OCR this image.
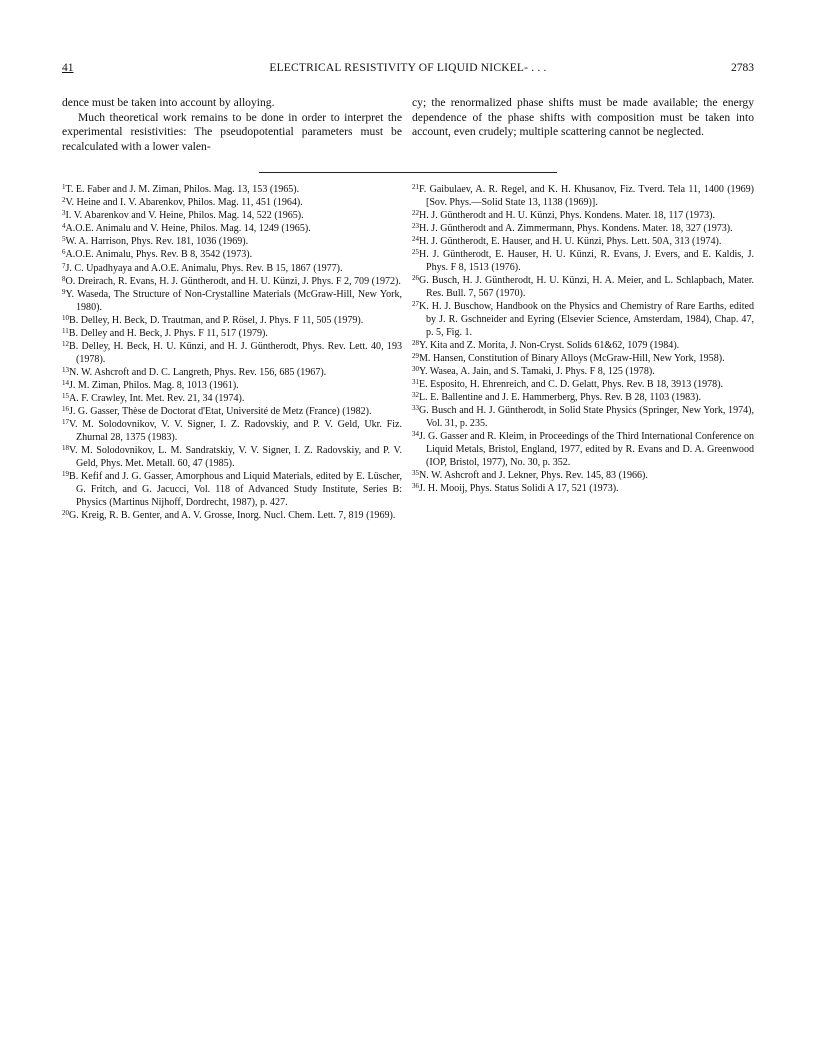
41	ELECTRICAL RESISTIVITY OF LIQUID NICKEL- . . .	2783

dence must be taken into account by alloying.

Much theoretical work remains to be done in order to interpret the experimental resistivities: The pseudopotential parameters must be recalculated with a lower valen-

cy; the renormalized phase shifts must be made available; the energy dependence of the phase shifts with composition must be taken into account, even crudely; multiple scattering cannot be neglected.

$^1$T. E. Faber and J. M. Ziman, Philos. Mag. 13, 153 (1965).

$^2$V. Heine and I. V. Abarenkov, Philos. Mag. 11, 451 (1964).

$^3$I. V. Abarenkov and V. Heine, Philos. Mag. 14, 522 (1965).

$^4$A.O.E. Animalu and V. Heine, Philos. Mag. 14, 1249 (1965).

$^5$W. A. Harrison, Phys. Rev. 181, 1036 (1969).

$^6$A.O.E. Animalu, Phys. Rev. B 8, 3542 (1973).

$^7$J. C. Upadhyaya and A.O.E. Animalu, Phys. Rev. B 15, 1867 (1977).

$^8$O. Dreirach, R. Evans, H. J. Güntherodt, and H. U. Künzi, J. Phys. F 2, 709 (1972).

$^9$Y. Waseda, The Structure of Non-Crystalline Materials (McGraw-Hill, New York, 1980).

$^{10}$B. Delley, H. Beck, D. Trautman, and P. Rösel, J. Phys. F 11, 505 (1979).

$^{11}$B. Delley and H. Beck, J. Phys. F 11, 517 (1979).

$^{12}$B. Delley, H. Beck, H. U. Künzi, and H. J. Güntherodt, Phys. Rev. Lett. 40, 193 (1978).

$^{13}$N. W. Ashcroft and D. C. Langreth, Phys. Rev. 156, 685 (1967).

$^{14}$J. M. Ziman, Philos. Mag. 8, 1013 (1961).

$^{15}$A. F. Crawley, Int. Met. Rev. 21, 34 (1974).

$^{16}$J. G. Gasser, Thèse de Doctorat d'Etat, Université de Metz (France) (1982).

$^{17}$V. M. Solodovnikov, V. V. Signer, I. Z. Radovskiy, and P. V. Geld, Ukr. Fiz. Zhurnal 28, 1375 (1983).

$^{18}$V. M. Solodovnikov, L. M. Sandratskiy, V. V. Signer, I. Z. Radovskiy, and P. V. Geld, Phys. Met. Metall. 60, 47 (1985).

$^{19}$B. Kefif and J. G. Gasser, Amorphous and Liquid Materials, edited by E. Lüscher, G. Fritch, and G. Jacucci, Vol. 118 of Advanced Study Institute, Series B: Physics (Martinus Nijhoff, Dordrecht, 1987), p. 427.

$^{20}$G. Kreig, R. B. Genter, and A. V. Grosse, Inorg. Nucl. Chem. Lett. 7, 819 (1969).

$^{21}$F. Gaibulaev, A. R. Regel, and K. H. Khusanov, Fiz. Tverd. Tela 11, 1400 (1969) [Sov. Phys.—Solid State 13, 1138 (1969)].

$^{22}$H. J. Güntherodt and H. U. Künzi, Phys. Kondens. Mater. 18, 117 (1973).

$^{23}$H. J. Güntherodt and A. Zimmermann, Phys. Kondens. Mater. 18, 327 (1973).

$^{24}$H. J. Güntherodt, E. Hauser, and H. U. Künzi, Phys. Lett. 50A, 313 (1974).

$^{25}$H. J. Güntherodt, E. Hauser, H. U. Künzi, R. Evans, J. Evers, and E. Kaldis, J. Phys. F 8, 1513 (1976).

$^{26}$G. Busch, H. J. Güntherodt, H. U. Künzi, H. A. Meier, and L. Schlapbach, Mater. Res. Bull. 7, 567 (1970).

$^{27}$K. H. J. Buschow, Handbook on the Physics and Chemistry of Rare Earths, edited by J. R. Gschneider and Eyring (Elsevier Science, Amsterdam, 1984), Chap. 47, p. 5, Fig. 1.

$^{28}$Y. Kita and Z. Morita, J. Non-Cryst. Solids 61&62, 1079 (1984).

$^{29}$M. Hansen, Constitution of Binary Alloys (McGraw-Hill, New York, 1958).

$^{30}$Y. Wasea, A. Jain, and S. Tamaki, J. Phys. F 8, 125 (1978).

$^{31}$E. Esposito, H. Ehrenreich, and C. D. Gelatt, Phys. Rev. B 18, 3913 (1978).

$^{32}$L. E. Ballentine and J. E. Hammerberg, Phys. Rev. B 28, 1103 (1983).

$^{33}$G. Busch and H. J. Güntherodt, in Solid State Physics (Springer, New York, 1974), Vol. 31, p. 235.

$^{34}$J. G. Gasser and R. Kleim, in Proceedings of the Third International Conference on Liquid Metals, Bristol, England, 1977, edited by R. Evans and D. A. Greenwood (IOP, Bristol, 1977), No. 30, p. 352.

$^{35}$N. W. Ashcroft and J. Lekner, Phys. Rev. 145, 83 (1966).

$^{36}$J. H. Mooij, Phys. Status Solidi A 17, 521 (1973).
